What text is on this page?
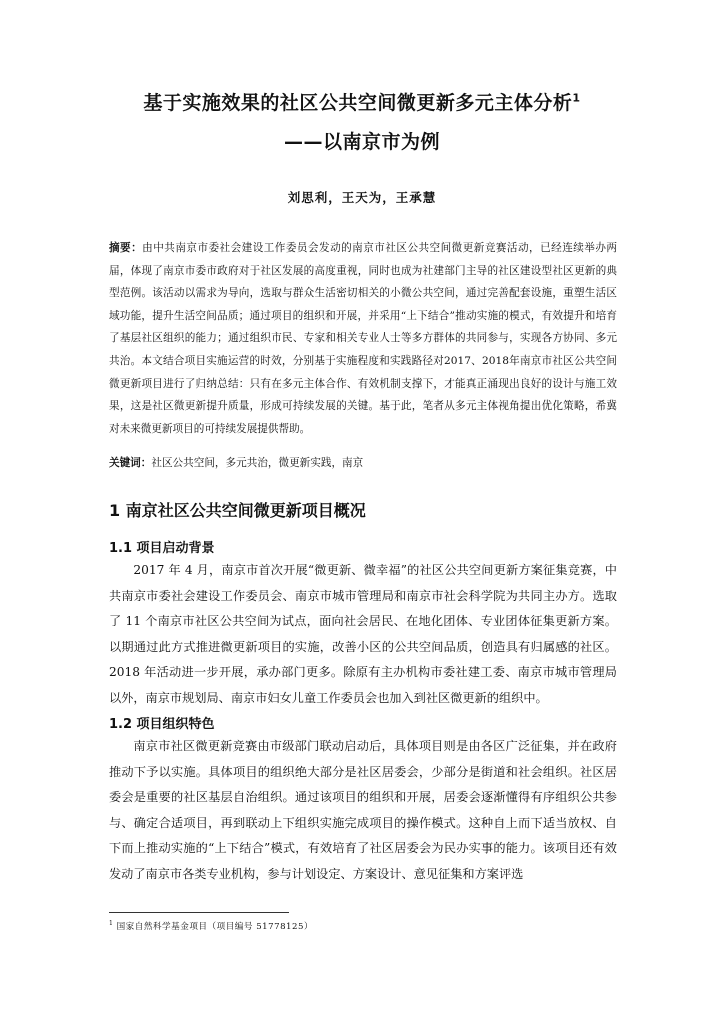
基于实施效果的社区公共空间微更新多元主体分析$^1$
——以南京市为例
刘思利，王天为，王承慧
摘要：由中共南京市委社会建设工作委员会发动的南京市社区公共空间微更新竞赛活动，已经连续举办两届，体现了南京市委市政府对于社区发展的高度重视，同时也成为社建部门主导的社区建设型社区更新的典型范例。该活动以需求为导向，选取与群众生活密切相关的小微公共空间，通过完善配套设施，重塑生活区域功能，提升生活空间品质；通过项目的组织和开展，并采用“上下结合”推动实施的模式，有效提升和培育了基层社区组织的能力；通过组织市民、专家和相关专业人士等多方群体的共同参与，实现各方协同、多元共治。本文结合项目实施运营的时效，分别基于实施程度和实践路径对2017、2018年南京市社区公共空间微更新项目进行了归纳总结：只有在多元主体合作、有效机制支撑下，才能真正涌现出良好的设计与施工效果，这是社区微更新提升质量，形成可持续发展的关键。基于此，笔者从多元主体视角提出优化策略，希冀对未来微更新项目的可持续发展提供帮助。
关键词：社区公共空间，多元共治，微更新实践，南京
1 南京社区公共空间微更新项目概况
1.1 项目启动背景
2017 年 4 月，南京市首次开展“微更新、微幸福”的社区公共空间更新方案征集竞赛，中共南京市委社会建设工作委员会、南京市城市管理局和南京市社会科学院为共同主办方。选取了 11 个南京市社区公共空间为试点，面向社会居民、在地化团体、专业团体征集更新方案。以期通过此方式推进微更新项目的实施，改善小区的公共空间品质，创造具有归属感的社区。2018 年活动进一步开展，承办部门更多。除原有主办机构市委社建工委、南京市城市管理局以外，南京市规划局、南京市妇女儿童工作委员会也加入到社区微更新的组织中。
1.2 项目组织特色
南京市社区微更新竞赛由市级部门联动启动后，具体项目则是由各区广泛征集，并在政府推动下予以实施。具体项目的组织绝大部分是社区居委会，少部分是街道和社会组织。社区居委会是重要的社区基层自治组织。通过该项目的组织和开展，居委会逐渐懂得有序组织公共参与、确定合适项目，再到联动上下组织实施完成项目的操作模式。这种自上而下适当放权、自下而上推动实施的“上下结合”模式，有效培育了社区居委会为民办实事的能力。该项目还有效发动了南京市各类专业机构，参与计划设定、方案设计、意见征集和方案评选
$^1$ 国家自然科学基金项目（项目编号 51778125）
